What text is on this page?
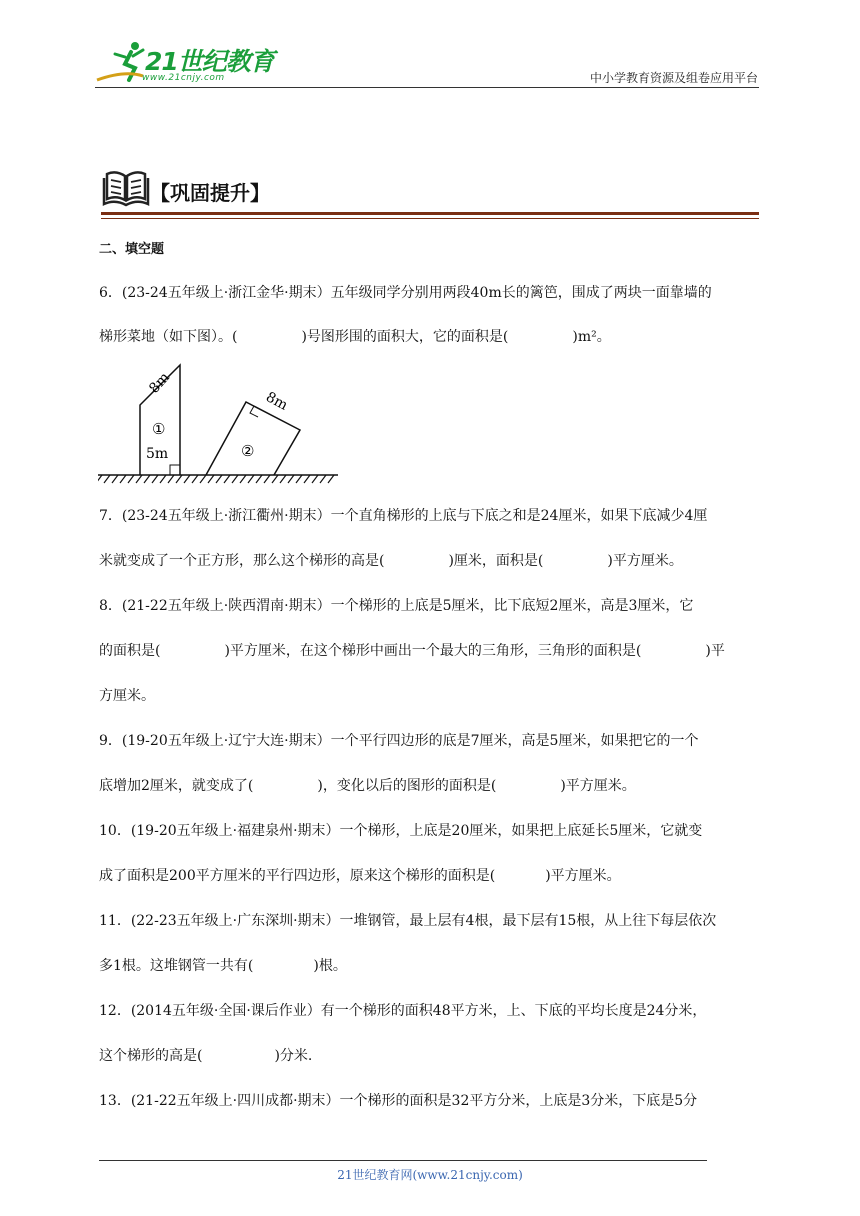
21世纪教育
www.21cnjy.com	中小学教育资源及组卷应用平台
【巩固提升】
二、填空题
6．(23-24五年级上·浙江金华·期末）五年级同学分别用两段40m长的篱笆，围成了两块一面靠墙的
梯形菜地（如下图）。(	)号图形围的面积大，它的面积是(	)m²。
8m
①
5m	②
8m
7．(23-24五年级上·浙江衢州·期末）一个直角梯形的上底与下底之和是24厘米，如果下底减少4厘
米就变成了一个正方形，那么这个梯形的高是(	)厘米，面积是(	)平方厘米。
8．(21-22五年级上·陕西渭南·期末）一个梯形的上底是5厘米，比下底短2厘米，高是3厘米，它
的面积是(	)平方厘米，在这个梯形中画出一个最大的三角形，三角形的面积是(	)平
方厘米。
9．(19-20五年级上·辽宁大连·期末）一个平行四边形的底是7厘米，高是5厘米，如果把它的一个
底增加2厘米，就变成了(	)，变化以后的图形的面积是(	)平方厘米。
10．(19-20五年级上·福建泉州·期末）一个梯形，上底是20厘米，如果把上底延长5厘米，它就变
成了面积是200平方厘米的平行四边形，原来这个梯形的面积是(	)平方厘米。
11．(22-23五年级上·广东深圳·期末）一堆钢管，最上层有4根，最下层有15根，从上往下每层依次
多1根。这堆钢管一共有(	)根。
12．(2014五年级·全国·课后作业）有一个梯形的面积48平方米，上、下底的平均长度是24分米，
这个梯形的高是(	)分米.
13．(21-22五年级上·四川成都·期末）一个梯形的面积是32平方分米，上底是3分米，下底是5分
21世纪教育网(www.21cnjy.com)
